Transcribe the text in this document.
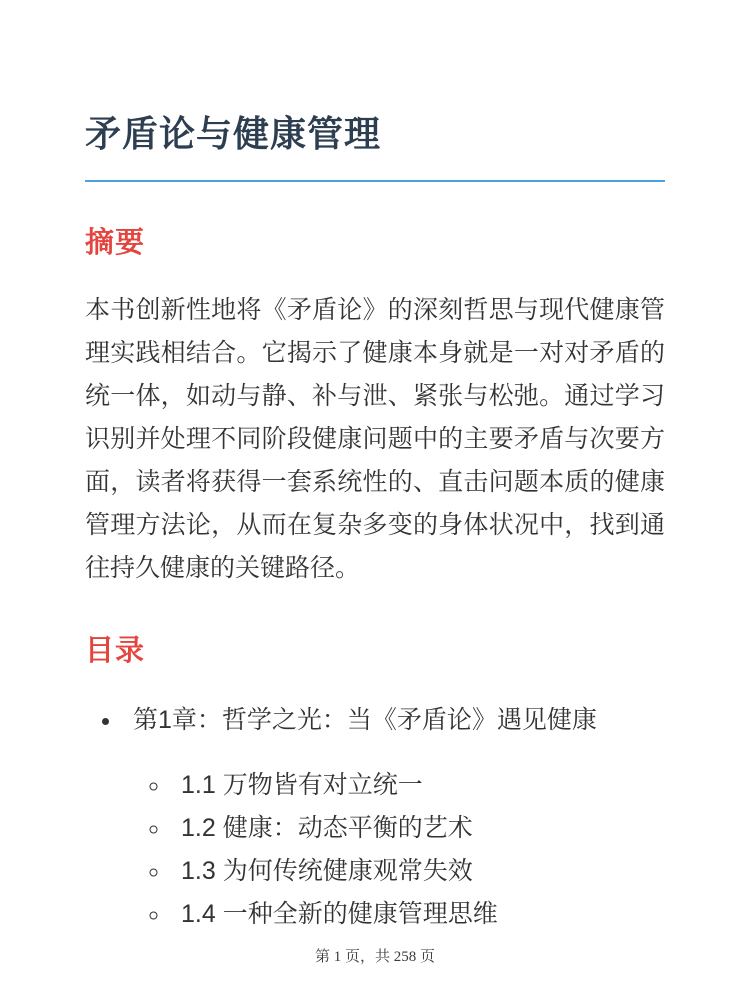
矛盾论与健康管理
摘要

本书创新性地将《矛盾论》的深刻哲思与现代健康管理实践相结合。它揭示了健康本身就是一对对矛盾的统一体，如动与静、补与泄、紧张与松弛。通过学习识别并处理不同阶段健康问题中的主要矛盾与次要方面，读者将获得一套系统性的、直击问题本质的健康管理方法论，从而在复杂多变的身体状况中，找到通往持久健康的关键路径。

目录
• 第1章：哲学之光：当《矛盾论》遇见健康
◦ 1.1 万物皆有对立统一
◦ 1.2 健康：动态平衡的艺术
◦ 1.3 为何传统健康观常失效
◦ 1.4 一种全新的健康管理思维
第 1 页，共 258 页
